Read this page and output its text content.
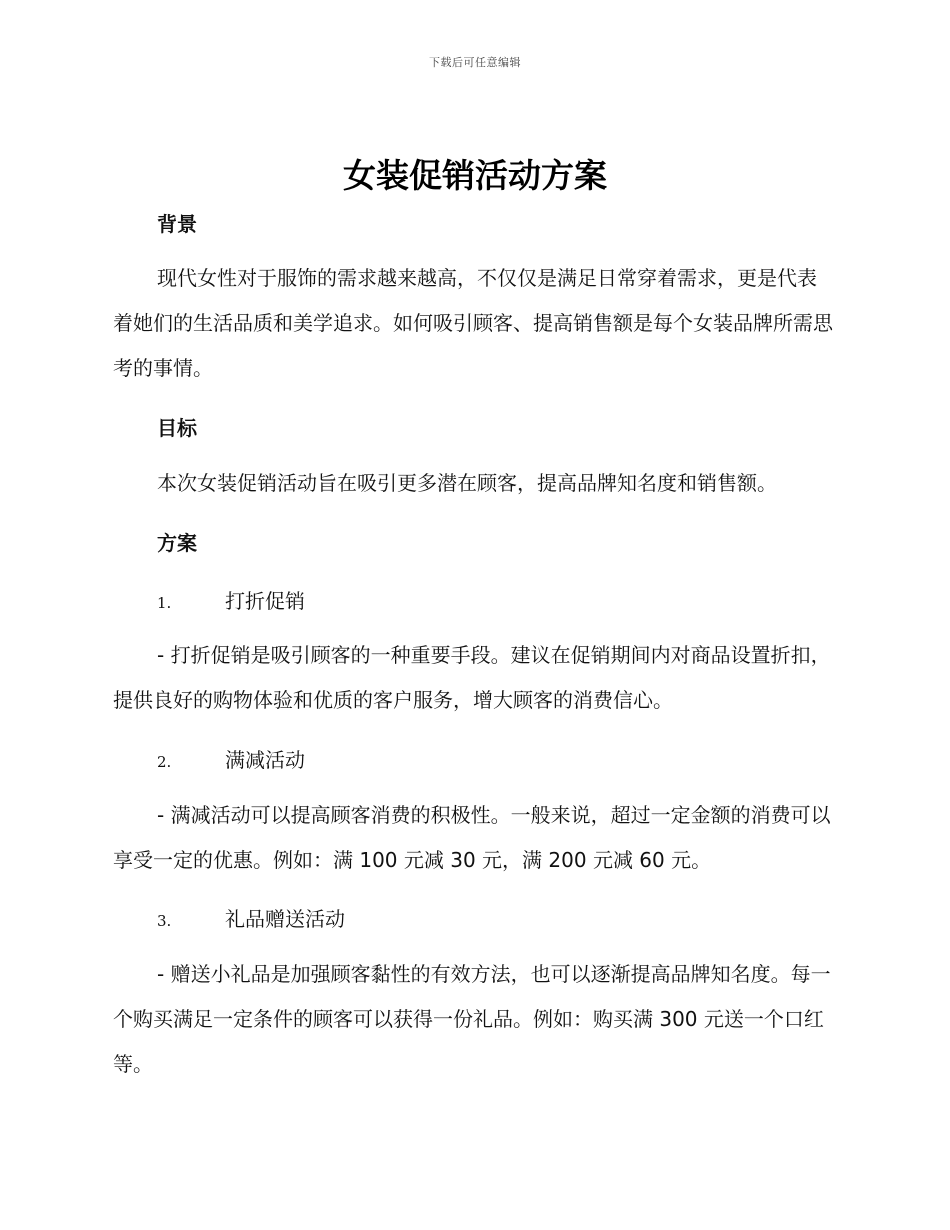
下载后可任意编辑
女装促销活动方案
背景
现代女性对于服饰的需求越来越高，不仅仅是满足日常穿着需求，更是代表着她们的生活品质和美学追求。如何吸引顾客、提高销售额是每个女装品牌所需思考的事情。
目标
本次女装促销活动旨在吸引更多潜在顾客，提高品牌知名度和销售额。
方案
1.	打折促销
- 打折促销是吸引顾客的一种重要手段。建议在促销期间内对商品设置折扣，提供良好的购物体验和优质的客户服务，增大顾客的消费信心。
2.	满减活动
- 满减活动可以提高顾客消费的积极性。一般来说，超过一定金额的消费可以享受一定的优惠。例如：满 100 元减 30 元，满 200 元减 60 元。
3.	礼品赠送活动
- 赠送小礼品是加强顾客黏性的有效方法，也可以逐渐提高品牌知名度。每一个购买满足一定条件的顾客可以获得一份礼品。例如：购买满 300 元送一个口红等。
